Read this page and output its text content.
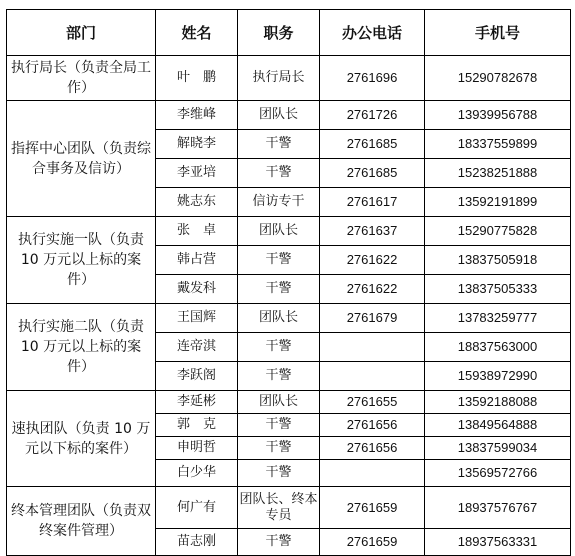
部门	姓名	职务	办公电话	手机号
执行局长（负责全局工作）	叶　鹏	执行局长	2761696	15290782678
指挥中心团队（负责综合事务及信访）	李维峰	团队长	2761726	13939956788
	解晓李	干警	2761685	18337559899
	李亚培	干警	2761685	15238251888
	姚志东	信访专干	2761617	13592191899
执行实施一队（负责 10 万元以上标的案件）	张　卓	团队长	2761637	15290775828
	韩占营	干警	2761622	13837505918
	戴发科	干警	2761622	13837505333
执行实施二队（负责 10 万元以上标的案件）	王国辉	团队长	2761679	13783259777
	连帝淇	干警		18837563000
	李跃阁	干警		15938972990
速执团队（负责 10 万元以下标的案件）	李延彬	团队长	2761655	13592188088
	郭　克	干警	2761656	13849564888
	申明哲	干警	2761656	13837599034
	白少华	干警		13569572766
终本管理团队（负责双终案件管理）	何广有	团队长、终本专员	2761659	18937576767
	苗志刚	干警	2761659	18937563331
